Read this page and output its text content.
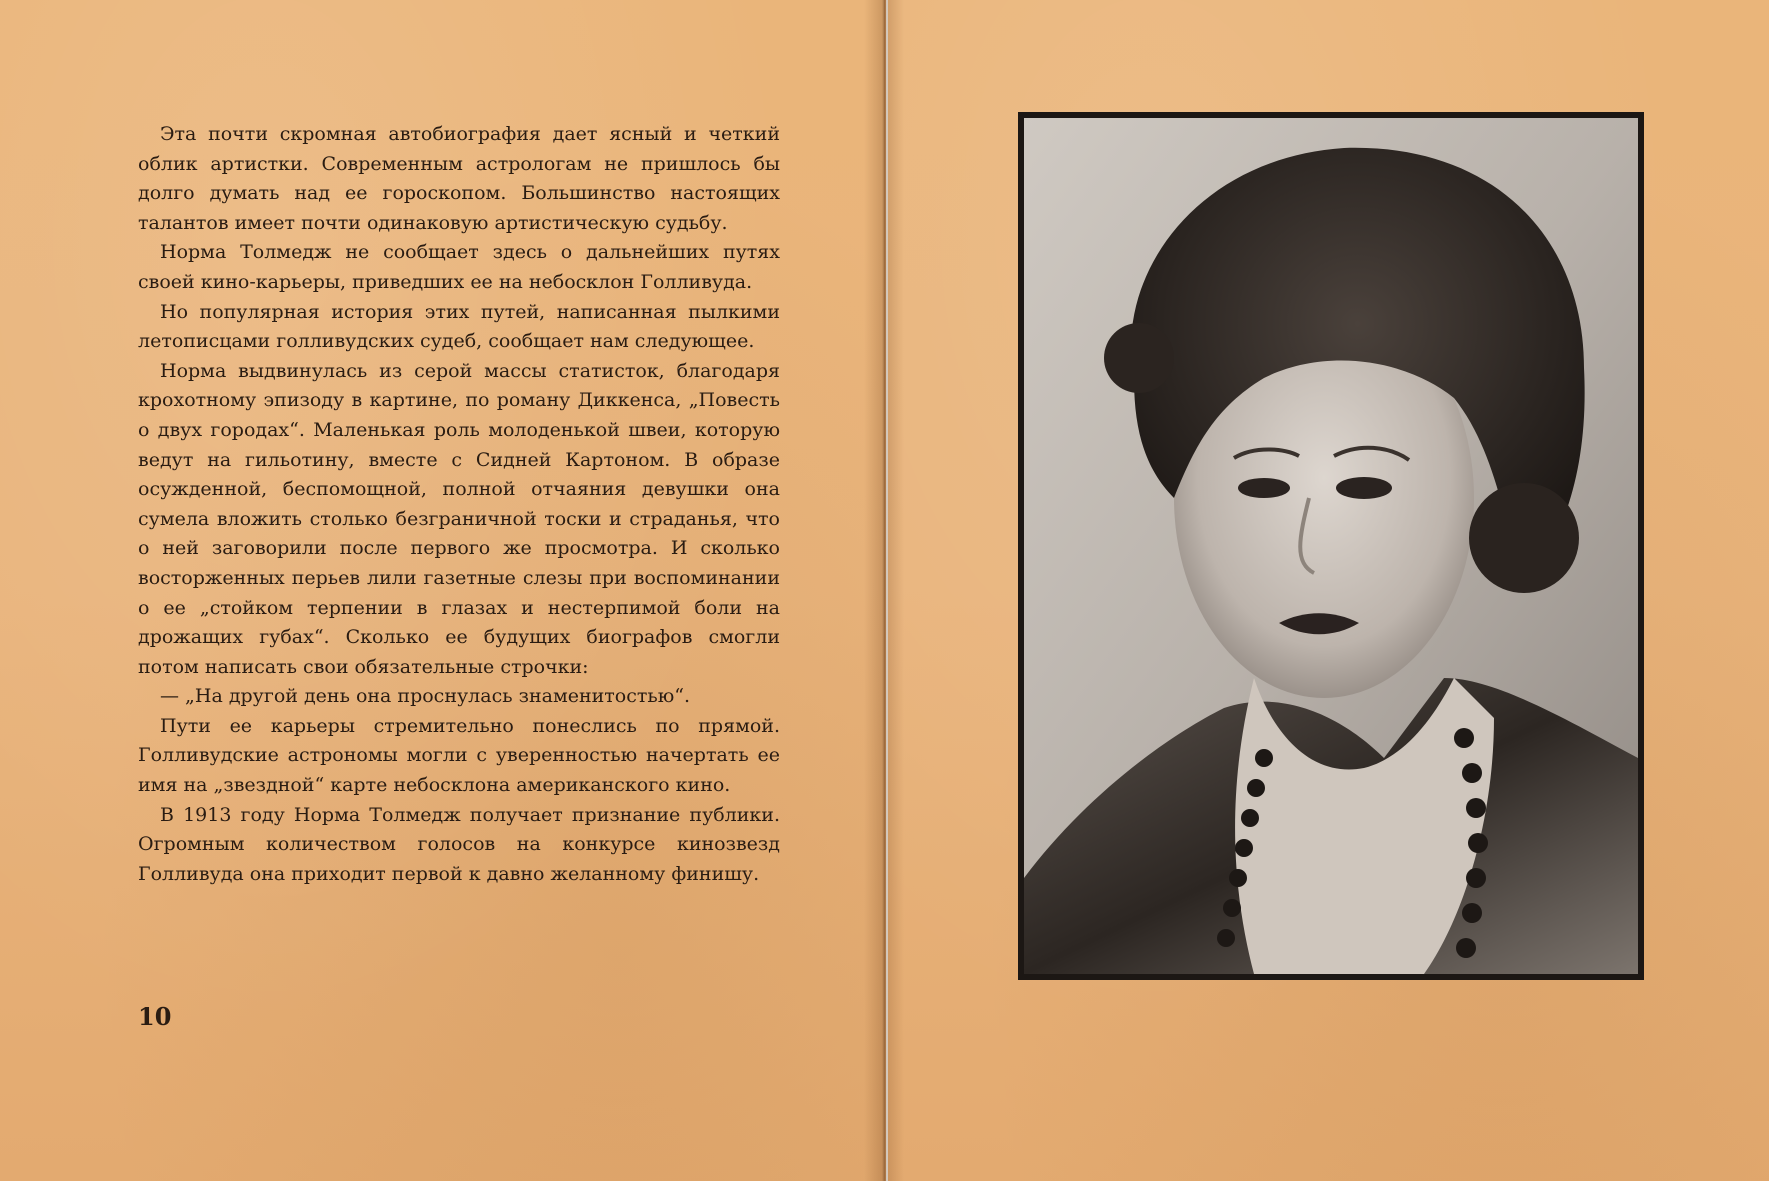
Эта почти скромная автобиография дает ясный и четкий облик артистки. Современным астрологам не пришлось бы долго думать над ее гороскопом. Большинство настоящих талантов имеет почти одинаковую артистическую судьбу.

Норма Толмедж не сообщает здесь о дальнейших путях своей кино-карьеры, приведших ее на небосклон Голливуда.

Но популярная история этих путей, написанная пылкими летописцами голливудских судеб, сообщает нам следующее.

Норма выдвинулась из серой массы статисток, благодаря крохотному эпизоду в картине, по роману Диккенса, „Повесть о двух городах“. Маленькая роль молоденькой швеи, которую ведут на гильотину, вместе с Сидней Картоном. В образе осужденной, беспомощной, полной отчаяния девушки она сумела вложить столько безграничной тоски и страданья, что о ней заговорили после первого же просмотра. И сколько восторженных перьев лили газетные слезы при воспоминании о ее „стойком терпении в глазах и нестерпимой боли на дрожащих губах“. Сколько ее будущих биографов смогли потом написать свои обязательные строчки:

— „На другой день она проснулась знаменитостью“.

Пути ее карьеры стремительно понеслись по прямой. Голливудские астрономы могли с уверенностью начертать ее имя на „звездной“ карте небосклона американского кино.

В 1913 году Норма Толмедж получает признание публики. Огромным количеством голосов на конкурсе кинозвезд Голливуда она приходит первой к давно желанному финишу.

10
